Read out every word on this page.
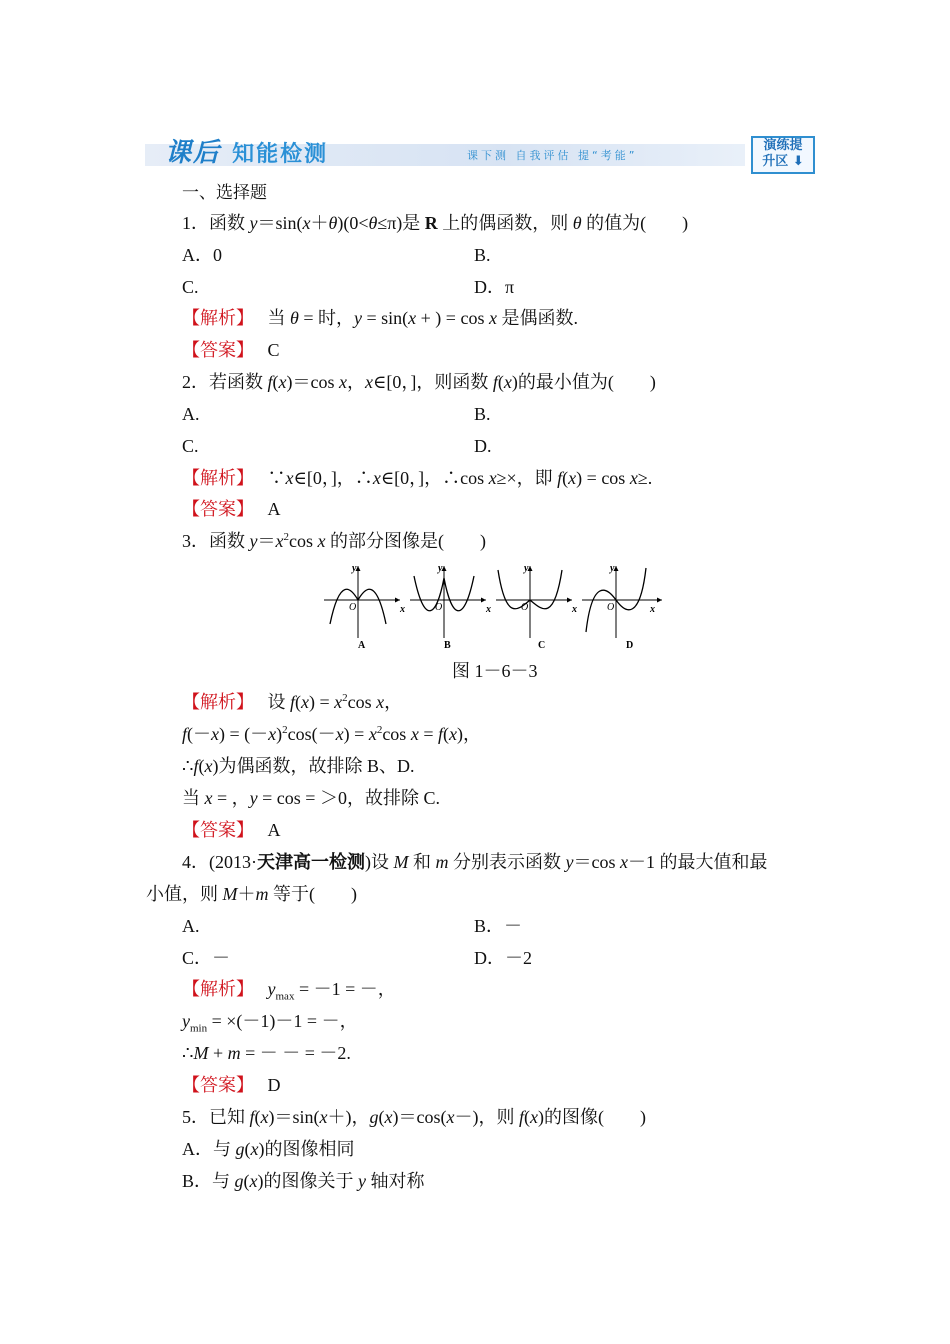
课后 知能检测	课下测 自我评估 提“考能”
演练提
升区 ⬇
一、选择题
1．函数 y＝sin(x＋θ)(0<θ≤π)是 R 上的偶函数，则 θ 的值为(　　)
A．0	B.
C.	D．π
【解析】　 当 θ = 时，y = sin(x + ) = cos x 是偶函数.
【答案】　 C
2．若函数 f(x)＝cos x，x∈[0，]，则函数 f(x)的最小值为(　　)
A.	B.
C.	D.
【解析】　 ∵x∈[0，]，∴x∈[0，]，∴cos x≥×，即 f(x) = cos x≥.
【答案】　 A
3．函数 $y=x^2\cos$ x 的部分图像是(　　)
y
x
O
A
y
x
O
B
y
x
O
C
y
x
O
D
图 1－6－3
【解析】　 设 $f(x) = x^2\cos$ x，
$f(-x) = (-x)^2\cos(-x) = x^2\cos$ x = f(x)，
∴f(x)为偶函数，故排除 B、D.
当 x = ，y = cos = ＞0，故排除 C.
【答案】　 A
4．(2013·天津高一检测)设 M 和 m 分别表示函数 y＝cos x－1 的最大值和最
小值，则 M＋m 等于(　　)
A.	B．－
C．－	D．－2
【解析】　 $y_{max} = -1$ = －，
$y_{min} = \times(-1)-1$ = －，
∴M + m = － － = －2.
【答案】　 D
5．已知 f(x)＝sin(x＋)，g(x)＝cos(x－)，则 f(x)的图像(　　)
A．与 g(x)的图像相同
B．与 g(x)的图像关于 y 轴对称
